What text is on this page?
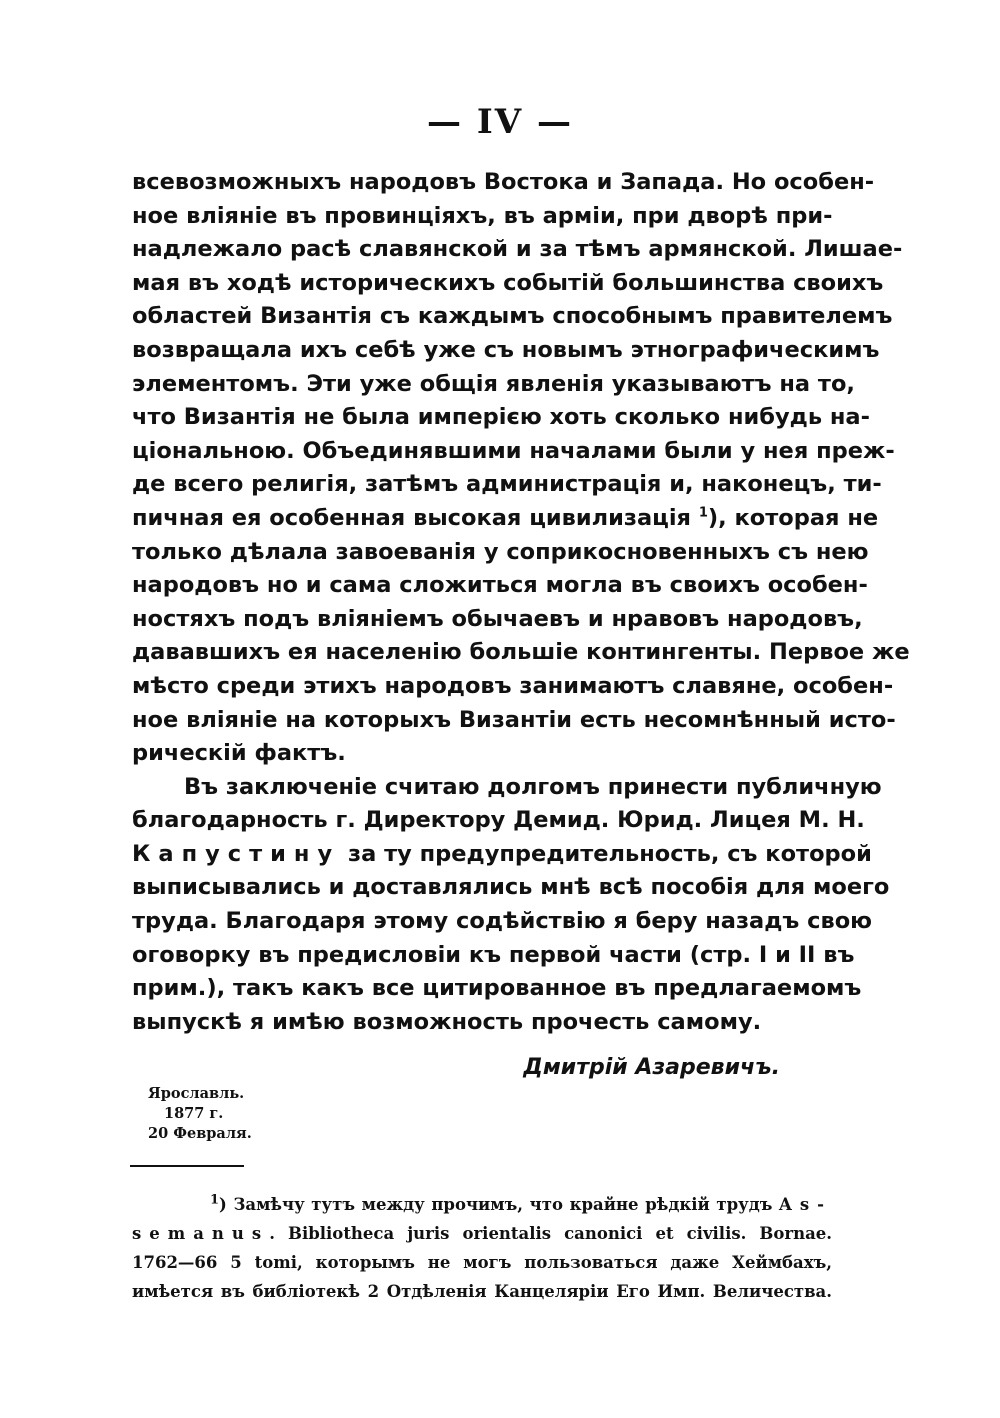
— IV —
всевозможныхъ народовъ Востока и Запада. Но особен-
ное вліяніе въ провинціяхъ, въ арміи, при дворѣ при-
надлежало расѣ славянской и за тѣмъ армянской. Лишае-
мая въ ходѣ историческихъ событій большинства своихъ
областей Византія съ каждымъ способнымъ правителемъ
возвращала ихъ себѣ уже съ новымъ этнографическимъ
элементомъ. Эти уже общія явленія указываютъ на то,
что Византія не была имперією хоть сколько нибудь на-
ціональною. Объединявшими началами были у нея преж-
де всего религія, затѣмъ администрація и, наконецъ, ти-
пичная ея особенная высокая цивилизація $^1$), которая не
только дѣлала завоеванія у соприкосновенныхъ съ нею
народовъ но и сама сложиться могла въ своихъ особен-
ностяхъ подъ вліяніемъ обычаевъ и нравовъ народовъ,
дававшихъ ея населенію большіе контингенты. Первое же
мѣсто среди этихъ народовъ занимаютъ славяне, особен-
ное вліяніе на которыхъ Византіи есть несомнѣнный исто-
рическій фактъ.
Въ заключеніе считаю долгомъ принести публичную
благодарность г. Директору Демид. Юрид. Лицея М. Н.
Капустину за ту предупредительность, съ которой
выписывались и доставлялись мнѣ всѣ пособія для моего
труда. Благодаря этому содѣйствію я беру назадъ свою
оговорку въ предисловіи къ первой части (стр. I и II въ
прим.), такъ какъ все цитированное въ предлагаемомъ
выпускѣ я имѣю возможность прочесть самому.
Дмитрій Азаревичъ.
Ярославль.
1877 г.
20 Февраля.
$^1$) Замѣчу тутъ между прочимъ, что крайне рѣдкій трудъ As-
semanus. Bibliotheca juris orientalis canonici et civilis. Bornae.
1762—66 5 tomi, которымъ не могъ пользоваться даже Хеймбахъ,
имѣется въ библіотекѣ 2 Отдѣленія Канцеляріи Его Имп. Величества.
